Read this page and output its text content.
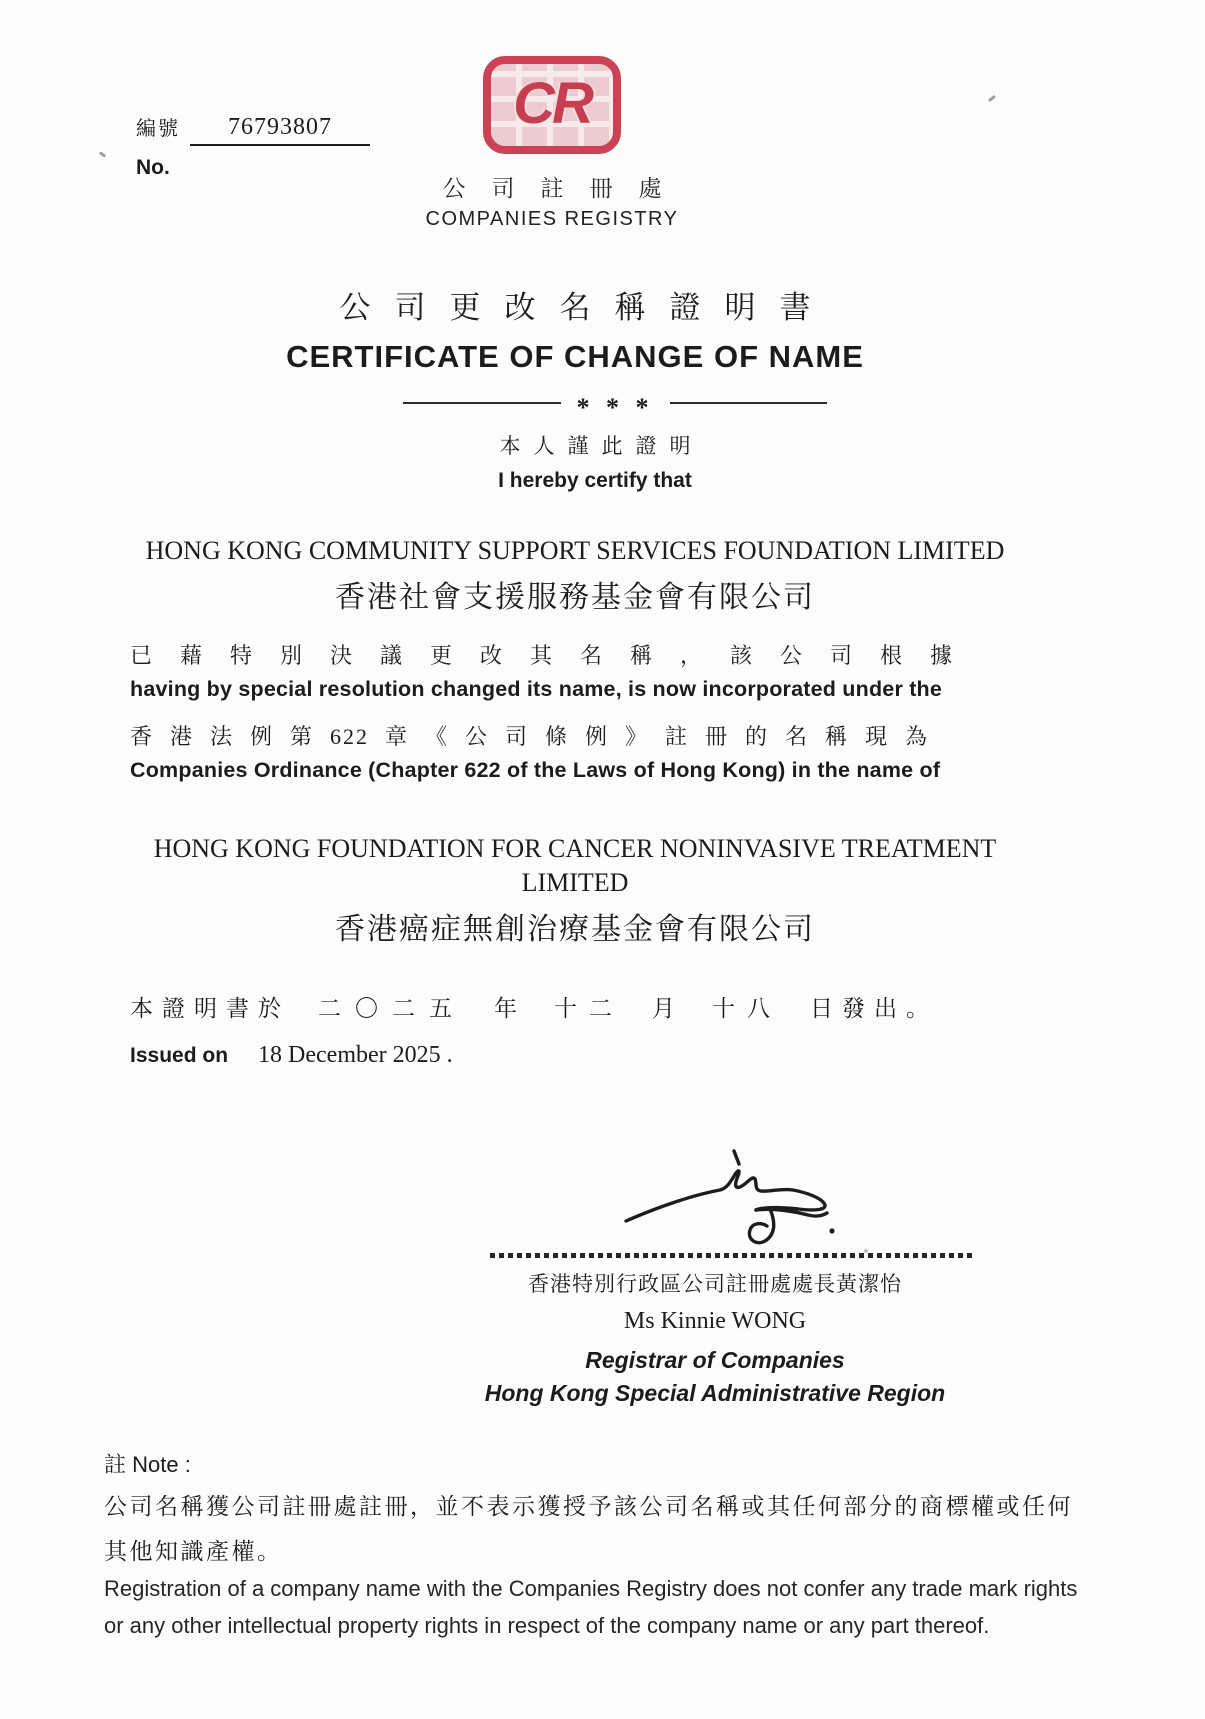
編號	76793807
No.
CR
公司註冊處
COMPANIES REGISTRY
公司更改名稱證明書
CERTIFICATE OF CHANGE OF NAME
* * *
本人謹此證明
I hereby certify that
HONG KONG COMMUNITY SUPPORT SERVICES FOUNDATION LIMITED
香港社會支援服務基金會有限公司
已藉特別決議更改其名稱，該公司根據
having by special resolution changed its name, is now incorporated under the
香港法例第622 章《公司條例》註冊的名稱現為
Companies Ordinance (Chapter 622 of the Laws of Hong Kong) in the name of
HONG KONG FOUNDATION FOR CANCER NONINVASIVE TREATMENT
LIMITED
香港癌症無創治療基金會有限公司
本證明書於 二〇二五 年 十二 月 十八 日發出。
Issued on 18 December 2025 .
香港特別行政區公司註冊處處長黃潔怡
Ms Kinnie WONG
Registrar of Companies
Hong Kong Special Administrative Region
註 Note :
公司名稱獲公司註冊處註冊，並不表示獲授予該公司名稱或其任何部分的商標權或任何
其他知識產權。
Registration of a company name with the Companies Registry does not confer any trade mark rights
or any other intellectual property rights in respect of the company name or any part thereof.
